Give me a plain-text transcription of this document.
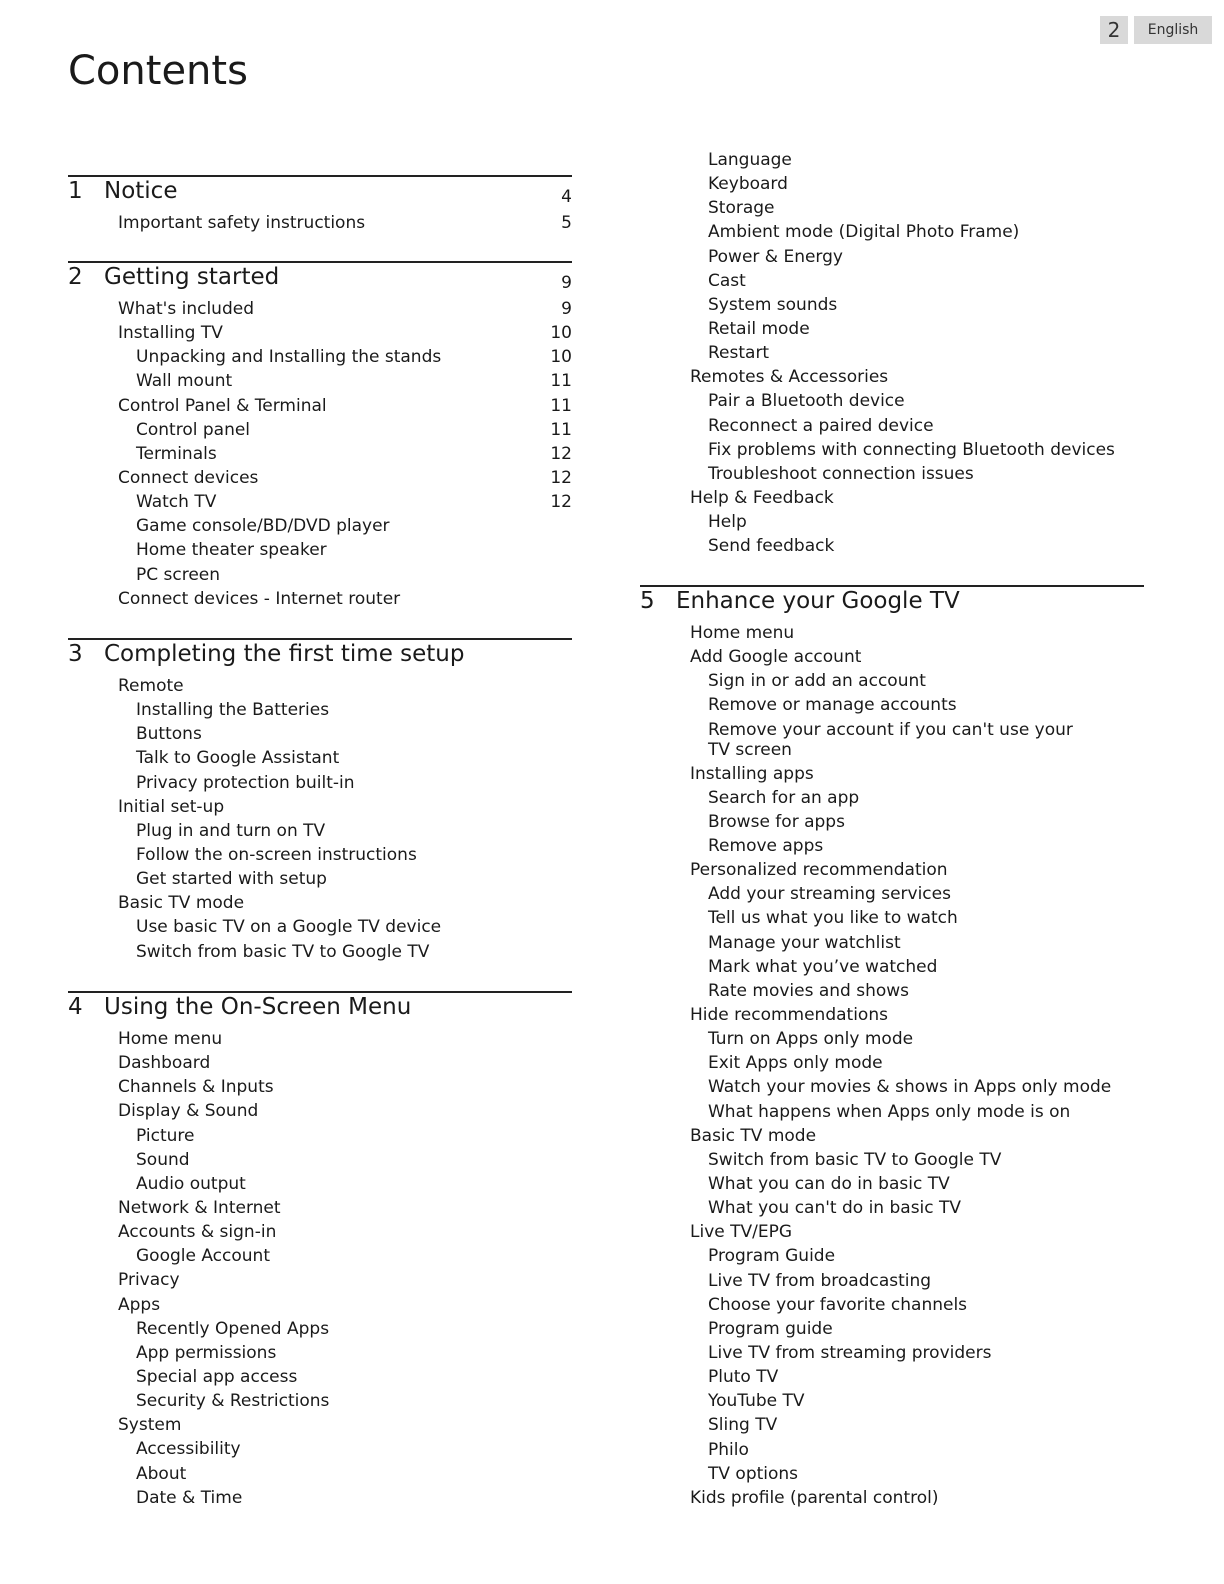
2	English
Contents
1 Notice	4
Important safety instructions	5
2 Getting started	9
What's included	9
Installing TV	10
Unpacking and Installing the stands	10
Wall mount	11
Control Panel & Terminal	11
Control panel	11
Terminals	12
Connect devices	12
Watch TV	12
Game console/BD/DVD player
Home theater speaker
PC screen
Connect devices - Internet router
3 Completing the first time setup
Remote
Installing the Batteries
Buttons
Talk to Google Assistant
Privacy protection built-in
Initial set-up
Plug in and turn on TV
Follow the on-screen instructions
Get started with setup
Basic TV mode
Use basic TV on a Google TV device
Switch from basic TV to Google TV
4 Using the On-Screen Menu
Home menu
Dashboard
Channels & Inputs
Display & Sound
Picture
Sound
Audio output
Network & Internet
Accounts & sign-in
Google Account
Privacy
Apps
Recently Opened Apps
App permissions
Special app access
Security & Restrictions
System
Accessibility
About
Date & Time
Language
Keyboard
Storage
Ambient mode (Digital Photo Frame)
Power & Energy
Cast
System sounds
Retail mode
Restart
Remotes & Accessories
Pair a Bluetooth device
Reconnect a paired device
Fix problems with connecting Bluetooth devices
Troubleshoot connection issues
Help & Feedback
Help
Send feedback
5 Enhance your Google TV
Home menu
Add Google account
Sign in or add an account
Remove or manage accounts
Remove your account if you can't use your TV screen
Installing apps
Search for an app
Browse for apps
Remove apps
Personalized recommendation
Add your streaming services
Tell us what you like to watch
Manage your watchlist
Mark what you’ve watched
Rate movies and shows
Hide recommendations
Turn on Apps only mode
Exit Apps only mode
Watch your movies & shows in Apps only mode
What happens when Apps only mode is on
Basic TV mode
Switch from basic TV to Google TV
What you can do in basic TV
What you can't do in basic TV
Live TV/EPG
Program Guide
Live TV from broadcasting
Choose your favorite channels
Program guide
Live TV from streaming providers
Pluto TV
YouTube TV
Sling TV
Philo
TV options
Kids profile (parental control)
